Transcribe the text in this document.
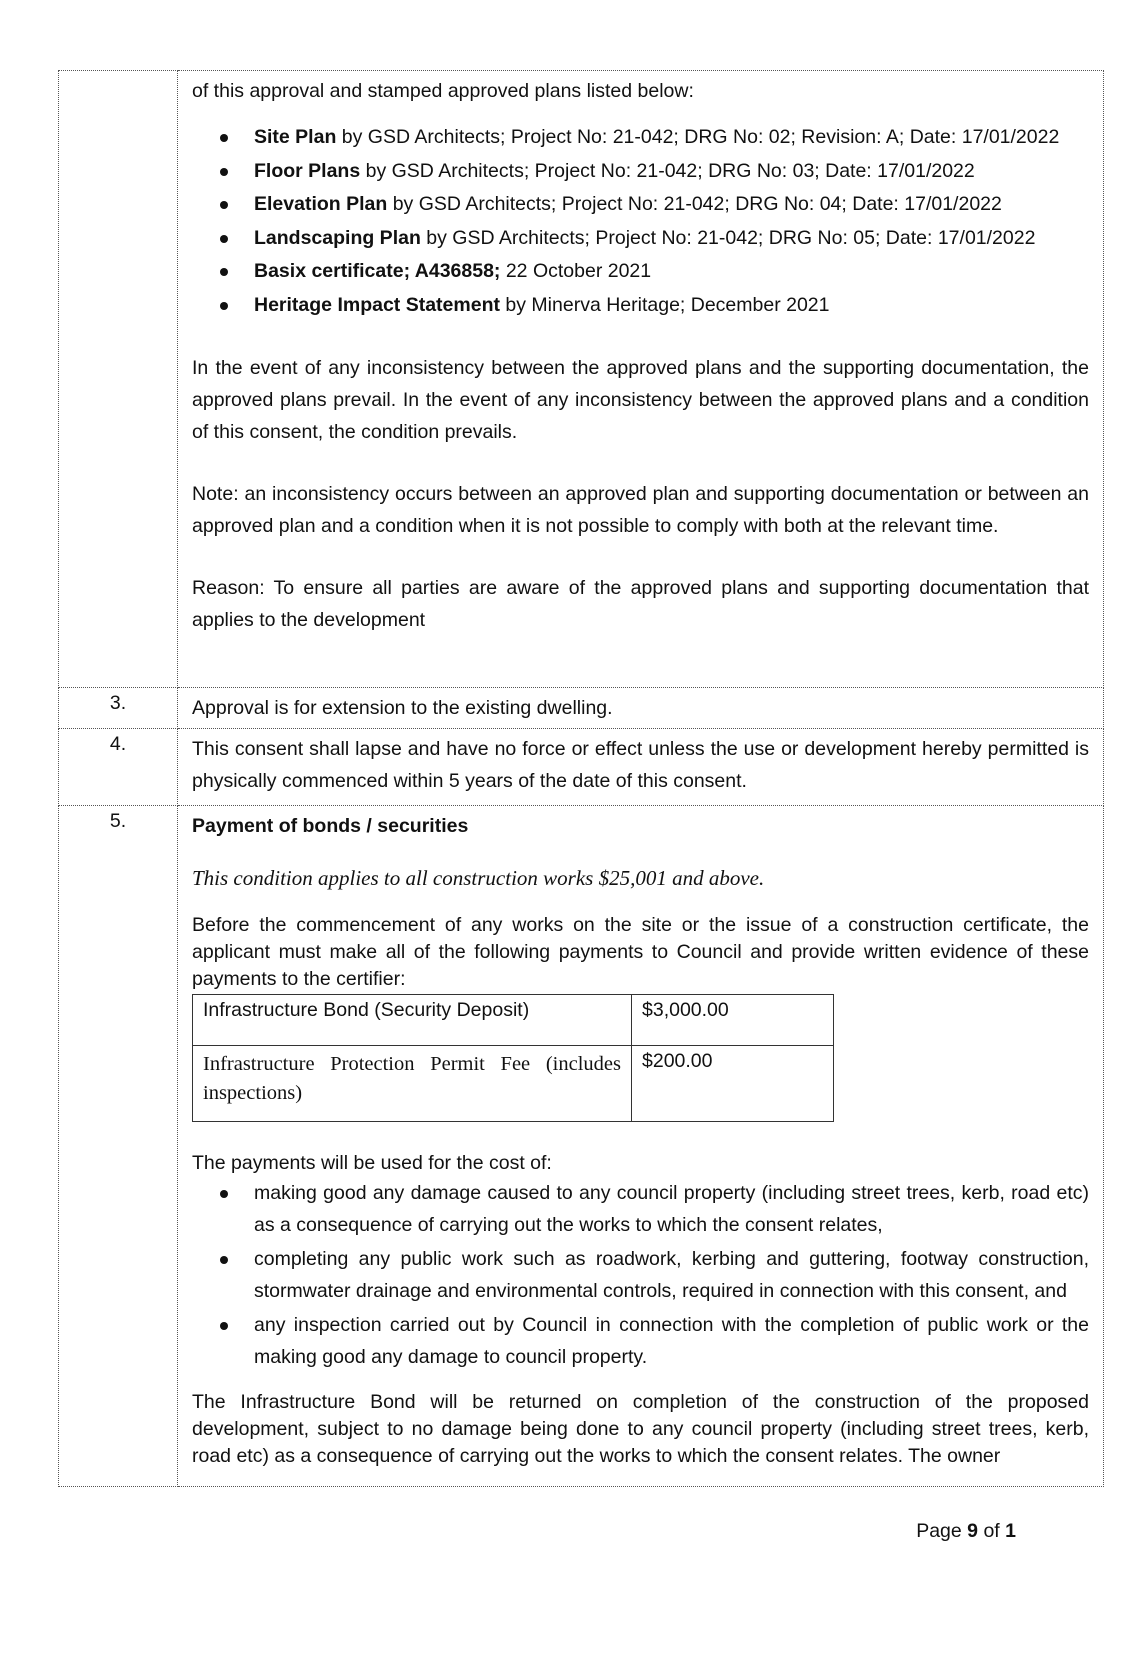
of this approval and stamped approved plans listed below:

Site Plan by GSD Architects; Project No: 21-042; DRG No: 02; Revision: A; Date: 17/01/2022
Floor Plans by GSD Architects; Project No: 21-042; DRG No: 03; Date: 17/01/2022
Elevation Plan by GSD Architects; Project No: 21-042; DRG No: 04; Date: 17/01/2022
Landscaping Plan by GSD Architects; Project No: 21-042; DRG No: 05; Date: 17/01/2022
Basix certificate; A436858; 22 October 2021
Heritage Impact Statement by Minerva Heritage; December 2021

In the event of any inconsistency between the approved plans and the supporting documentation, the approved plans prevail. In the event of any inconsistency between the approved plans and a condition of this consent, the condition prevails.

Note: an inconsistency occurs between an approved plan and supporting documentation or between an approved plan and a condition when it is not possible to comply with both at the relevant time.

Reason: To ensure all parties are aware of the approved plans and supporting documentation that applies to the development

3.	Approval is for extension to the existing dwelling.

4.	This consent shall lapse and have no force or effect unless the use or development hereby permitted is physically commenced within 5 years of the date of this consent.

5.	Payment of bonds / securities

This condition applies to all construction works $25,001 and above.

Before the commencement of any works on the site or the issue of a construction certificate, the applicant must make all of the following payments to Council and provide written evidence of these payments to the certifier:

Infrastructure Bond (Security Deposit)	$3,000.00
Infrastructure Protection Permit Fee (includes inspections)	$200.00

The payments will be used for the cost of:

making good any damage caused to any council property (including street trees, kerb, road etc) as a consequence of carrying out the works to which the consent relates,
completing any public work such as roadwork, kerbing and guttering, footway construction, stormwater drainage and environmental controls, required in connection with this consent, and
any inspection carried out by Council in connection with the completion of public work or the making good any damage to council property.

The Infrastructure Bond will be returned on completion of the construction of the proposed development, subject to no damage being done to any council property (including street trees, kerb, road etc) as a consequence of carrying out the works to which the consent relates. The owner

Page 9 of 1
